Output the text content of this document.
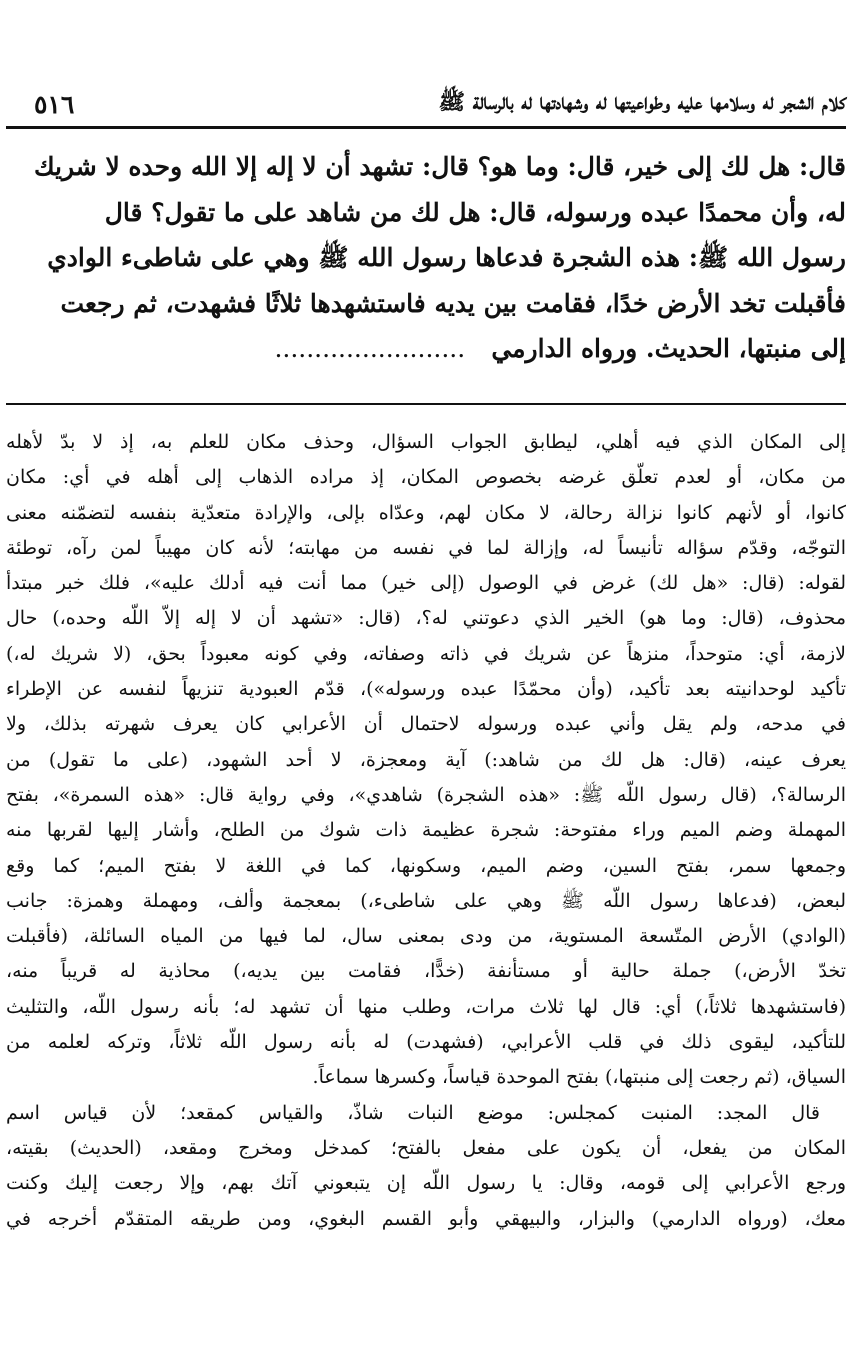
كلام الشجر له وسلامها عليه وطواعيتها له وشهادتها له بالرسالة ﷺ
٥١٦
قال: هل لك إلى خير، قال: وما هو؟ قال: تشهد أن لا إله إلا الله وحده لا شريك
له، وأن محمدًا عبده ورسوله، قال: هل لك من شاهد على ما تقول؟ قال
رسول الله ﷺ: هذه الشجرة فدعاها رسول الله ﷺ وهي على شاطىء الوادي
فأقبلت تخد الأرض خدًا، فقامت بين يديه فاستشهدها ثلاثًا فشهدت، ثم رجعت
إلى منبتها، الحديث. ورواه الدارمي   ........................
إلى المكان الذي فيه أهلي، ليطابق الجواب السؤال، وحذف مكان للعلم به، إذ لا بدّ لأهله
من مكان، أو لعدم تعلّق غرضه بخصوص المكان، إذ مراده الذهاب إلى أهله في أي: مكان
كانوا، أو لأنهم كانوا نزالة رحالة، لا مكان لهم، وعدّاه بإلى، والإرادة متعدّية بنفسه لتضمّنه معنى
التوجّه، وقدّم سؤاله تأنيساً له، وإزالة لما في نفسه من مهابته؛ لأنه كان مهيباً لمن رآه، توطئة
لقوله: (قال: «هل لك) غرض في الوصول (إلى خير) مما أنت فيه أدلك عليه»، فلك خبر مبتدأ
محذوف، (قال: وما هو) الخير الذي دعوتني له؟، (قال: «تشهد أن لا إله إلاّ اللّه وحده،) حال
لازمة، أي: متوحداً، منزهاً عن شريك في ذاته وصفاته، وفي كونه معبوداً بحق، (لا شريك له،)
تأكيد لوحدانيته بعد تأكيد، (وأن محمّدًا عبده ورسوله»)، قدّم العبودية تنزيهاً لنفسه عن الإطراء
في مدحه، ولم يقل وأني عبده ورسوله لاحتمال أن الأعرابي كان يعرف شهرته بذلك، ولا
يعرف عينه، (قال: هل لك من شاهد:) آية ومعجزة، لا أحد الشهود، (على ما تقول) من
الرسالة؟، (قال رسول اللّه ﷺ: «هذه الشجرة) شاهدي»، وفي رواية قال: «هذه السمرة»، بفتح
المهملة وضم الميم وراء مفتوحة: شجرة عظيمة ذات شوك من الطلح، وأشار إليها لقربها منه
وجمعها سمر، بفتح السين، وضم الميم، وسكونها، كما في اللغة لا بفتح الميم؛ كما وقع
لبعض، (فدعاها رسول اللّه ﷺ وهي على شاطىء،) بمعجمة وألف، ومهملة وهمزة: جانب
(الوادي) الأرض المتّسعة المستوية، من ودى بمعنى سال، لما فيها من المياه السائلة، (فأقبلت
تخدّ الأرض،) جملة حالية أو مستأنفة (خدًّا، فقامت بين يديه،) محاذية له قريباً منه،
(فاستشهدها ثلاثاً،) أي: قال لها ثلاث مرات، وطلب منها أن تشهد له؛ بأنه رسول اللّه، والتثليث
للتأكيد، ليقوى ذلك في قلب الأعرابي، (فشهدت) له بأنه رسول اللّه ثلاثاً، وتركه لعلمه من
السياق، (ثم رجعت إلى منبتها،) بفتح الموحدة قياساً، وكسرها سماعاً.
قال المجد: المنبت كمجلس: موضع النبات شاذّ، والقياس كمقعد؛ لأن قياس اسم
المكان من يفعل، أن يكون على مفعل بالفتح؛ كمدخل ومخرج ومقعد، (الحديث) بقيته،
ورجع الأعرابي إلى قومه، وقال: يا رسول اللّه إن يتبعوني آتك بهم، وإلا رجعت إليك وكنت
معك، (ورواه الدارمي) والبزار، والبيهقي وأبو القسم البغوي، ومن طريقه المتقدّم أخرجه في
